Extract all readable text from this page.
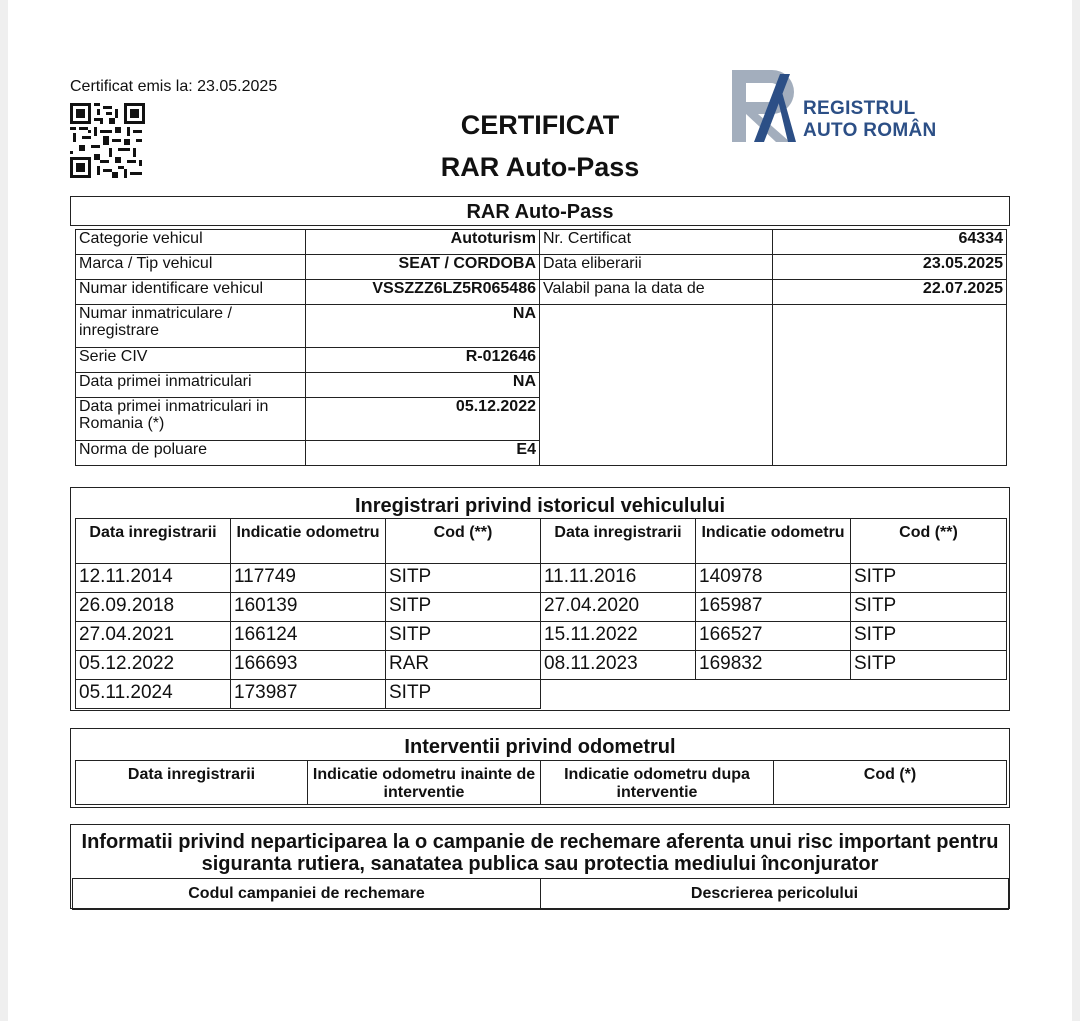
Certificat emis la: 23.05.2025
CERTIFICAT
RAR Auto-Pass
REGISTRUL
AUTO ROMÂN
RAR Auto-Pass
Categorie vehicul	Autoturism	Nr. Certificat	64334
Marca / Tip vehicul	SEAT / CORDOBA	Data eliberarii	23.05.2025
Numar identificare vehicul	VSSZZZ6LZ5R065486	Valabil pana la data de	22.07.2025
Numar inmatriculare / inregistrare	NA		
Serie CIV	R-012646		
Data primei inmatriculari	NA		
Data primei inmatriculari in Romania (*)	05.12.2022		
Norma de poluare	E4		
Inregistrari privind istoricul vehiculului
Data inregistrarii	Indicatie odometru	Cod (**)	Data inregistrarii	Indicatie odometru	Cod (**)
12.11.2014	117749	SITP	11.11.2016	140978	SITP
26.09.2018	160139	SITP	27.04.2020	165987	SITP
27.04.2021	166124	SITP	15.11.2022	166527	SITP
05.12.2022	166693	RAR	08.11.2023	169832	SITP
05.11.2024	173987	SITP			
Interventii privind odometrul
Data inregistrarii	Indicatie odometru inainte de interventie	Indicatie odometru dupa interventie	Cod (*)
Informatii privind neparticiparea la o campanie de rechemare aferenta unui risc important pentru siguranta rutiera, sanatatea publica sau protectia mediului înconjurator
Codul campaniei de rechemare	Descrierea pericolului
